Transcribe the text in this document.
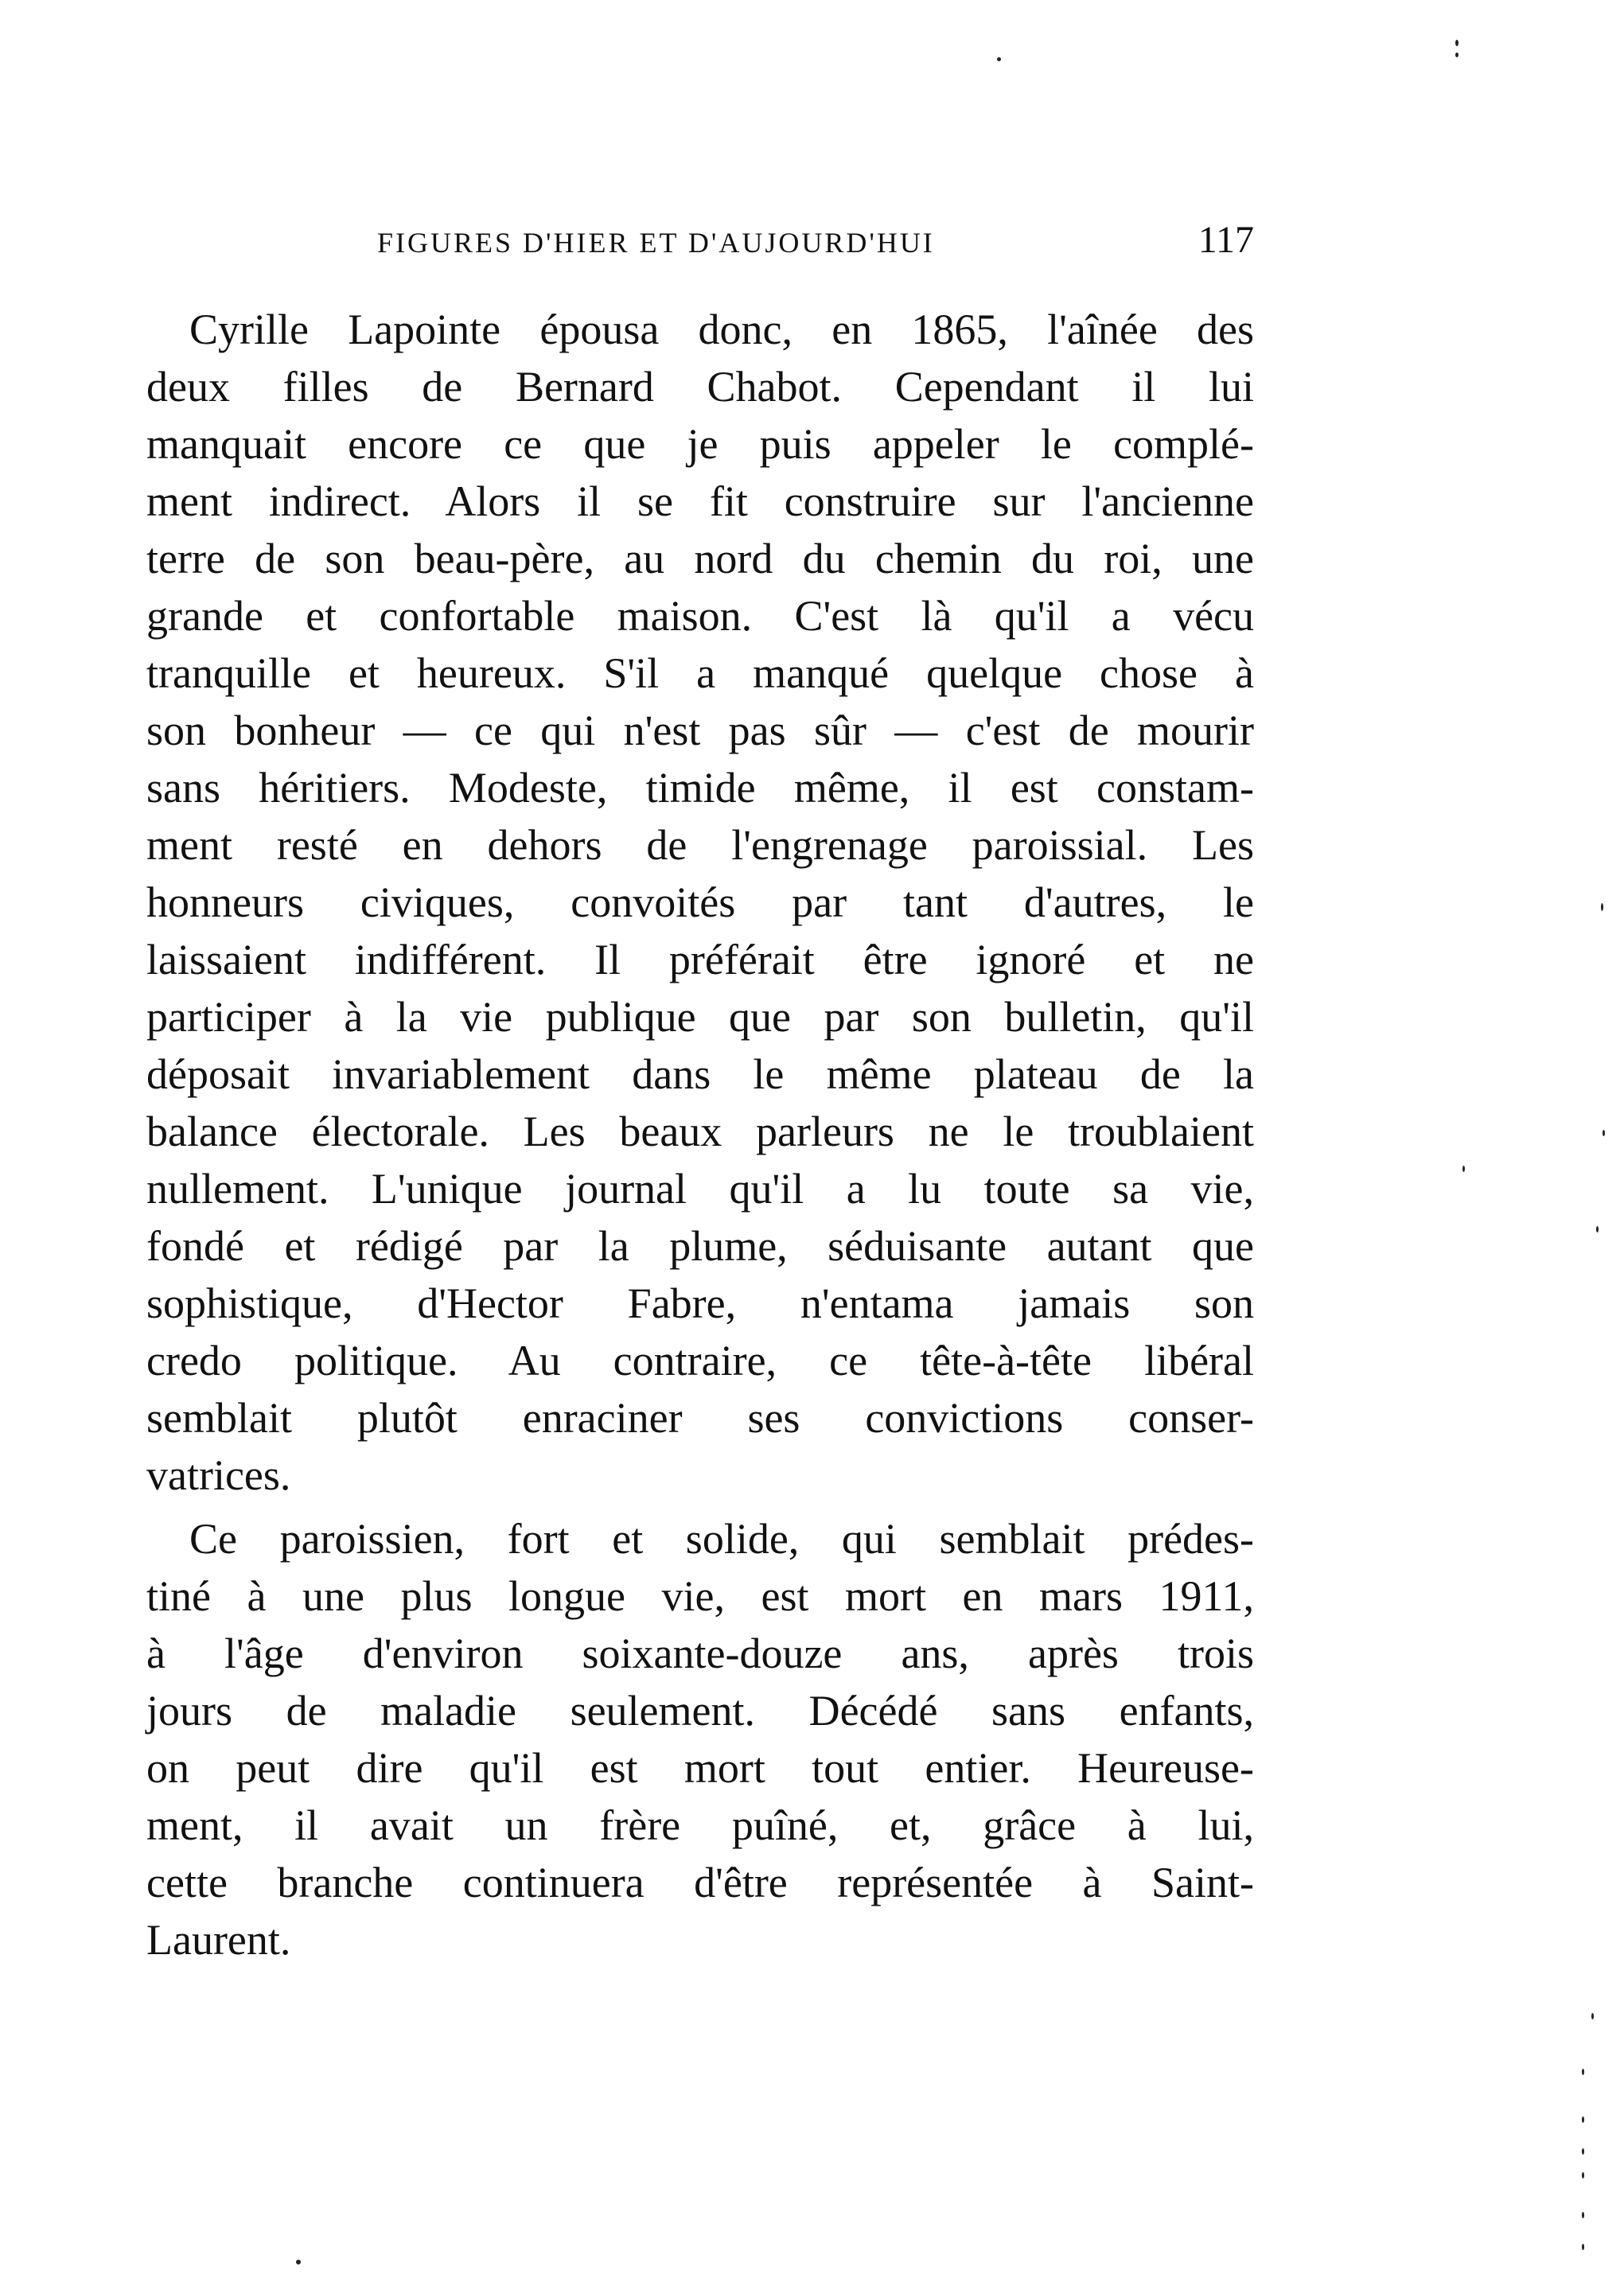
FIGURES D'HIER ET D'AUJOURD'HUI	117
Cyrille Lapointe épousa donc, en 1865, l'aînée des
deux filles de Bernard Chabot. Cependant il lui
manquait encore ce que je puis appeler le complé-
ment indirect. Alors il se fit construire sur l'ancienne
terre de son beau-père, au nord du chemin du roi, une
grande et confortable maison. C'est là qu'il a vécu
tranquille et heureux. S'il a manqué quelque chose à
son bonheur — ce qui n'est pas sûr — c'est de mourir
sans héritiers. Modeste, timide même, il est constam-
ment resté en dehors de l'engrenage paroissial. Les
honneurs civiques, convoités par tant d'autres, le
laissaient indifférent. Il préférait être ignoré et ne
participer à la vie publique que par son bulletin, qu'il
déposait invariablement dans le même plateau de la
balance électorale. Les beaux parleurs ne le troublaient
nullement. L'unique journal qu'il a lu toute sa vie,
fondé et rédigé par la plume, séduisante autant que
sophistique, d'Hector Fabre, n'entama jamais son
credo politique. Au contraire, ce tête-à-tête libéral
semblait plutôt enraciner ses convictions conser-
vatrices.
Ce paroissien, fort et solide, qui semblait prédes-
tiné à une plus longue vie, est mort en mars 1911,
à l'âge d'environ soixante-douze ans, après trois
jours de maladie seulement. Décédé sans enfants,
on peut dire qu'il est mort tout entier. Heureuse-
ment, il avait un frère puîné, et, grâce à lui,
cette branche continuera d'être représentée à Saint-
Laurent.
